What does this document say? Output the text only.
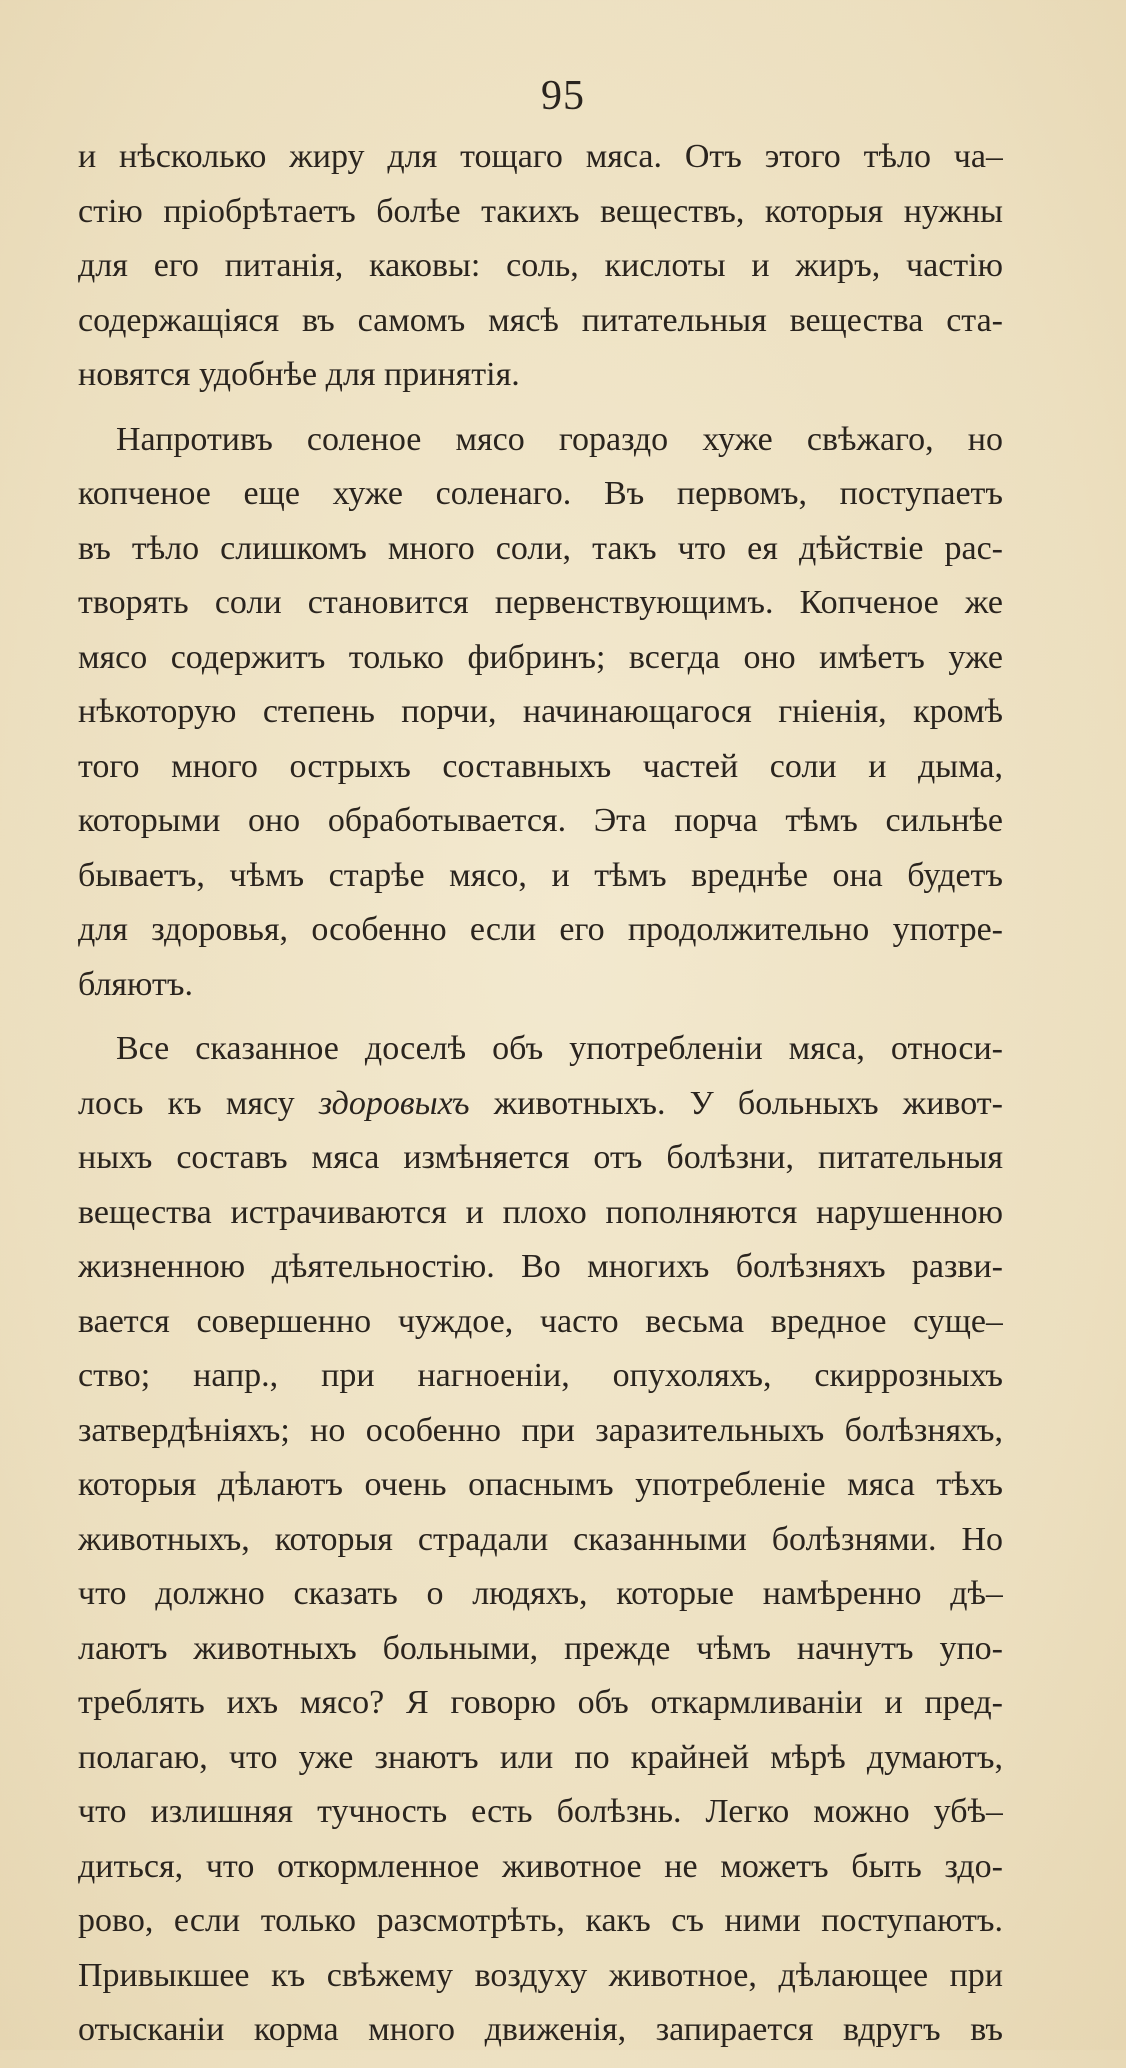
95
и нѣсколько жиру для тощаго мяса. Отъ этого тѣло ча–
стію пріобрѣтаетъ болѣе такихъ веществъ, которыя нужны
для его питанія, каковы: соль, кислоты и жиръ, частію
содержащіяся въ самомъ мясѣ питательныя вещества ста-
новятся удобнѣе для принятія.
Напротивъ соленое мясо гораздо хуже свѣжаго, но
копченое еще хуже соленаго. Въ первомъ, поступаетъ
въ тѣло слишкомъ много соли, такъ что ея дѣйствіе рас-
творять соли становится первенствующимъ. Копченое же
мясо содержитъ только фибринъ; всегда оно имѣетъ уже
нѣкоторую степень порчи, начинающагося гніенія, кромѣ
того много острыхъ составныхъ частей соли и дыма,
которыми оно обработывается. Эта порча тѣмъ сильнѣе
бываетъ, чѣмъ старѣе мясо, и тѣмъ вреднѣе она будетъ
для здоровья, особенно если его продолжительно употре-
бляютъ.
Все сказанное доселѣ объ употребленіи мяса, относи-
лось къ мясу здоровыхъ животныхъ. У больныхъ живот-
ныхъ составъ мяса измѣняется отъ болѣзни, питательныя
вещества истрачиваются и плохо пополняются нарушенною
жизненною дѣятельностію. Во многихъ болѣзняхъ разви-
вается совершенно чуждое, часто весьма вредное суще–
ство; напр., при нагноеніи, опухоляхъ, скиррозныхъ
затвердѣніяхъ; но особенно при заразительныхъ болѣзняхъ,
которыя дѣлаютъ очень опаснымъ употребленіе мяса тѣхъ
животныхъ, которыя страдали сказанными болѣзнями. Но
что должно сказать о людяхъ, которые намѣренно дѣ–
лаютъ животныхъ больными, прежде чѣмъ начнутъ упо-
треблять ихъ мясо? Я говорю объ откармливаніи и пред-
полагаю, что уже знаютъ или по крайней мѣрѣ думаютъ,
что излишняя тучность есть болѣзнь. Легко можно убѣ–
диться, что откормленное животное не можетъ быть здо-
рово, если только разсмотрѣть, какъ съ ними поступаютъ.
Привыкшее къ свѣжему воздуху животное, дѣлающее при
отысканіи корма много движенія, запирается вдругъ въ
